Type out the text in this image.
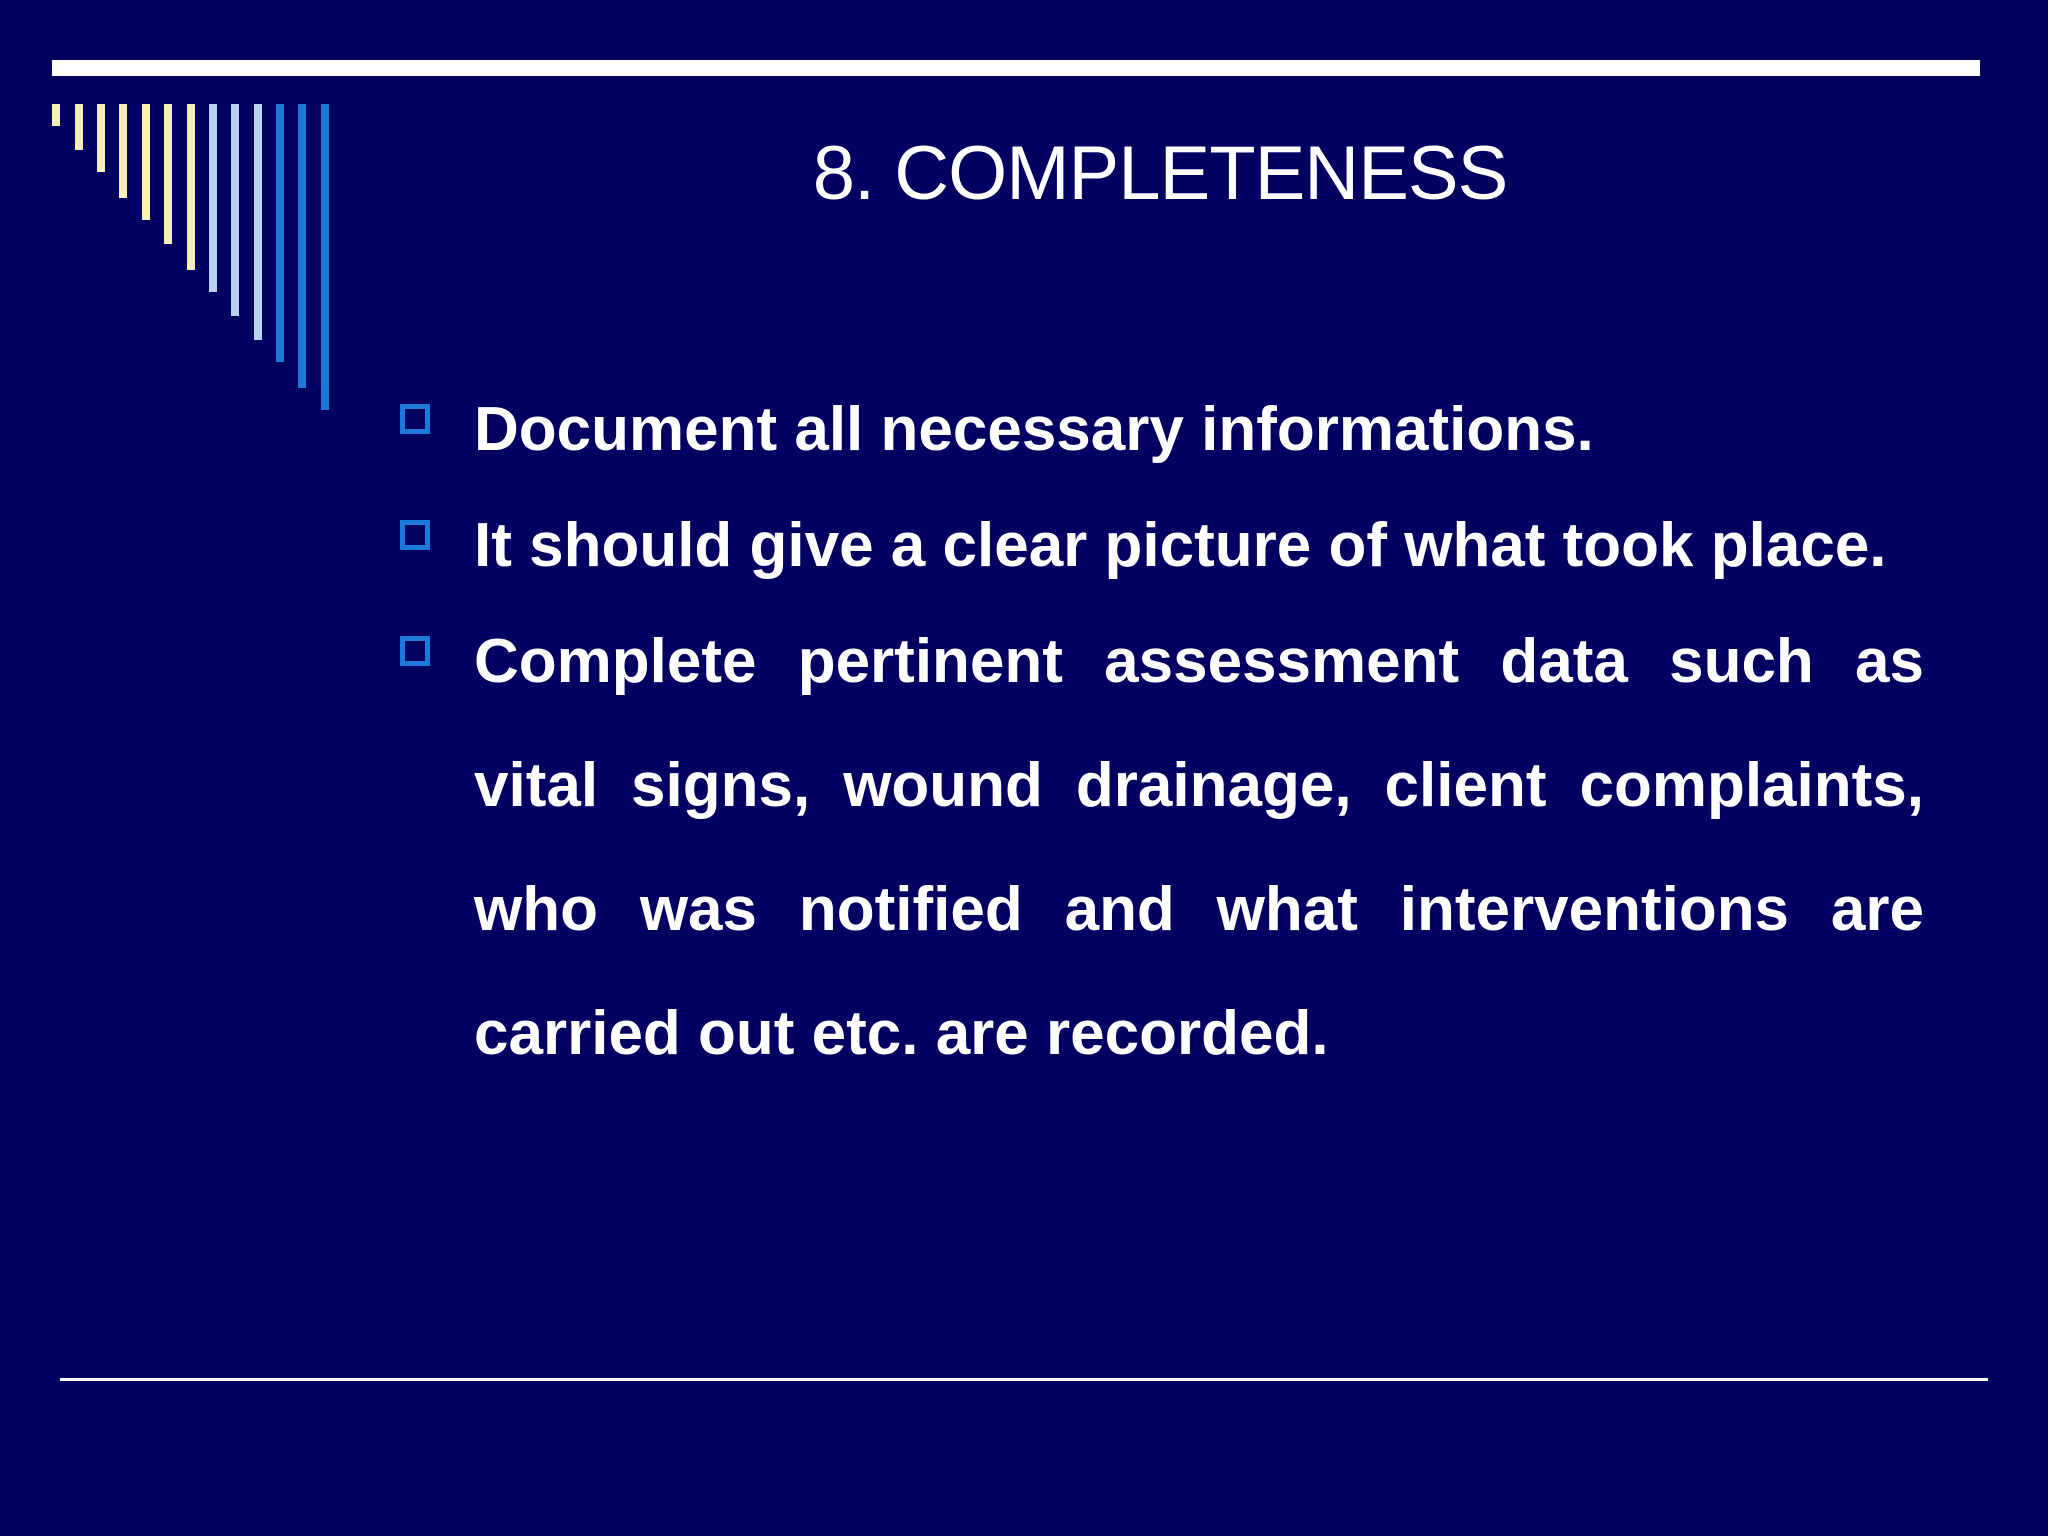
8. COMPLETENESS
Document all necessary informations.
It should give a clear picture of what took place.
Complete pertinent assessment data such as vital signs, wound drainage, client complaints, who was notified and what interventions are carried out etc. are recorded.
